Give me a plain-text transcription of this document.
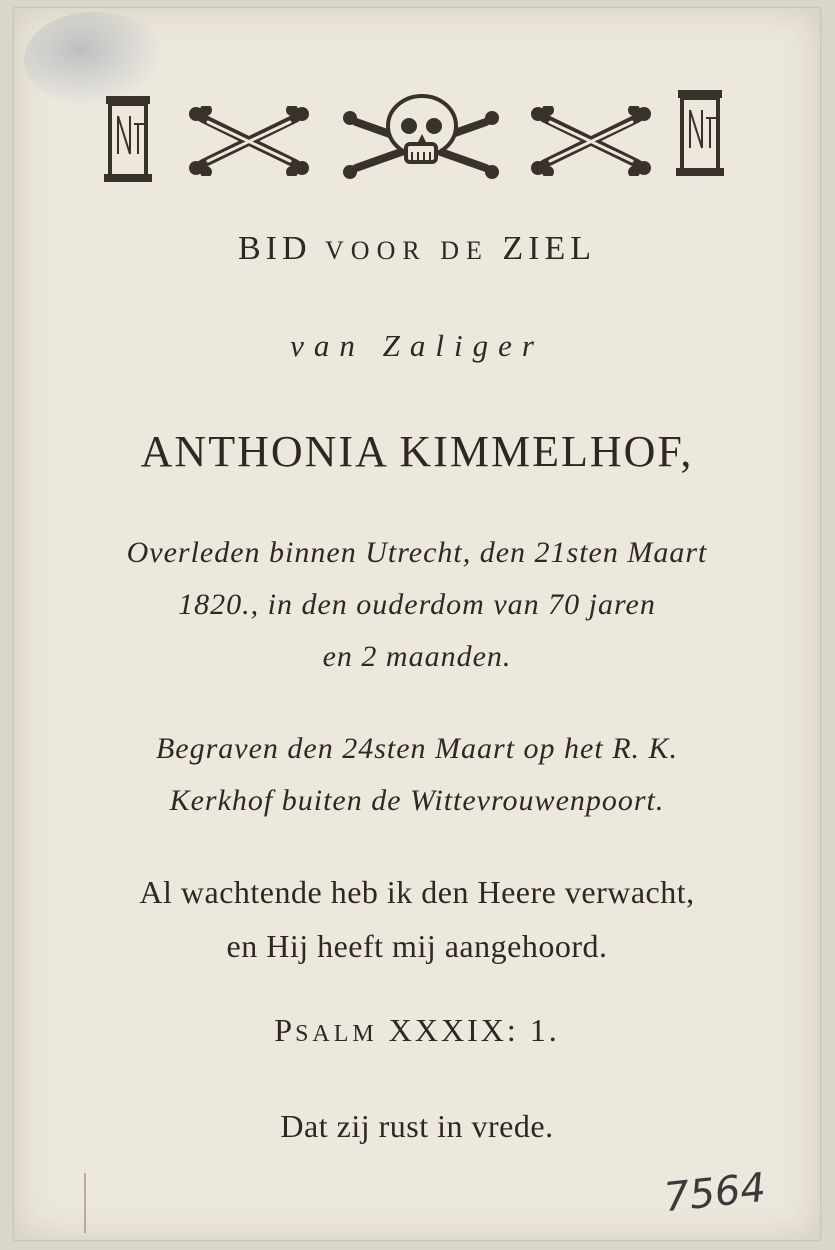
BID VOOR DE ZIEL
van Zaliger
ANTHONIA KIMMELHOF,
Overleden binnen Utrecht, den 21sten Maart
1820., in den ouderdom van 70 jaren
en 2 maanden.
Begraven den 24sten Maart op het R. K.
Kerkhof buiten de Wittevrouwenpoort.
Al wachtende heb ik den Heere verwacht,
en Hij heeft mij aangehoord.
PSALM XXXIX: 1.
Dat zij rust in vrede.
7564
